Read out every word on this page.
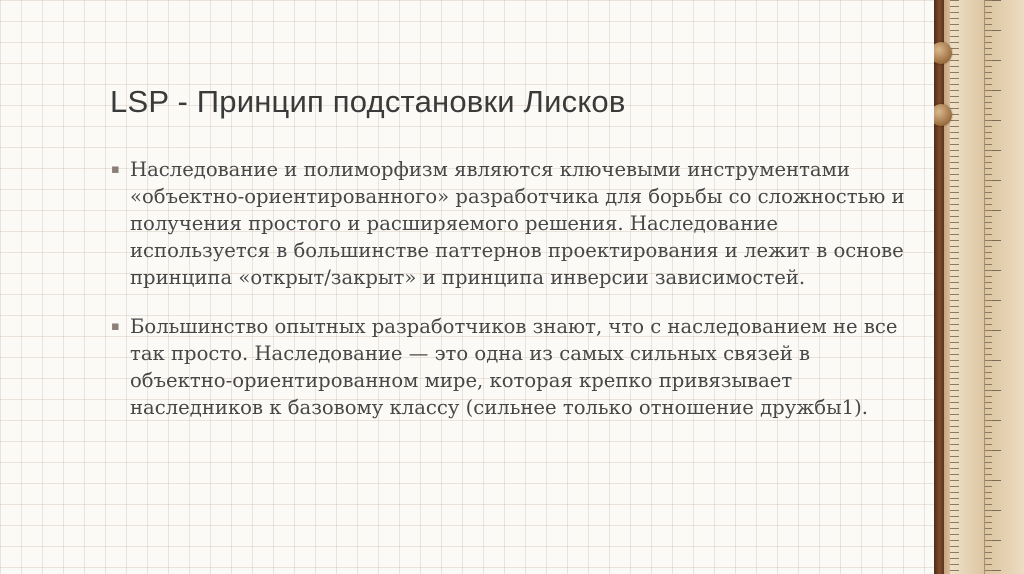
LSP - Принцип подстановки Лисков
▪ Наследование и полиморфизм являются ключевыми инструментами «объектно-ориентированного» разработчика для борьбы со сложностью и получения простого и расширяемого решения. Наследование используется в большинстве паттернов проектирования и лежит в основе принципа «открыт/закрыт» и принципа инверсии зависимостей.
▪ Большинство опытных разработчиков знают, что с наследованием не все так просто. Наследование — это одна из самых сильных связей в объектно-ориентированном мире, которая крепко привязывает наследников к базовому классу (сильнее только отношение дружбы1).
